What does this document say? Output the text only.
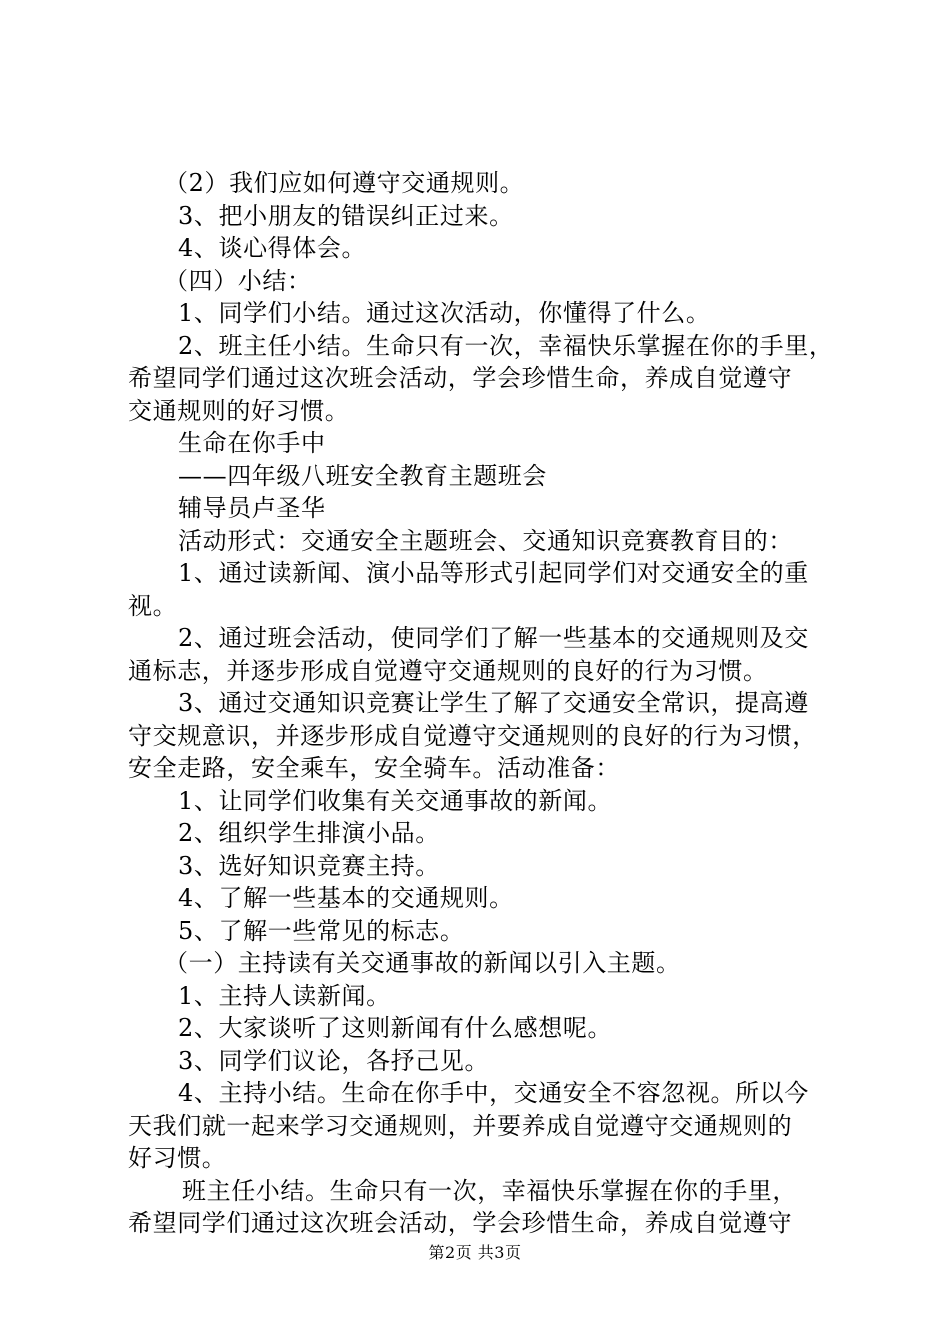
（2）我们应如何遵守交通规则。
3、把小朋友的错误纠正过来。
4、谈心得体会。
（四）小结：
1、同学们小结。通过这次活动，你懂得了什么。
2、班主任小结。生命只有一次，幸福快乐掌握在你的手里，
希望同学们通过这次班会活动，学会珍惜生命，养成自觉遵守
交通规则的好习惯。
生命在你手中
——四年级八班安全教育主题班会
辅导员卢圣华
活动形式：交通安全主题班会、交通知识竞赛教育目的：
1、通过读新闻、演小品等形式引起同学们对交通安全的重
视。
2、通过班会活动，使同学们了解一些基本的交通规则及交
通标志，并逐步形成自觉遵守交通规则的良好的行为习惯。
3、通过交通知识竞赛让学生了解了交通安全常识，提高遵
守交规意识，并逐步形成自觉遵守交通规则的良好的行为习惯，
安全走路，安全乘车，安全骑车。活动准备：
1、让同学们收集有关交通事故的新闻。
2、组织学生排演小品。
3、选好知识竞赛主持。
4、了解一些基本的交通规则。
5、了解一些常见的标志。
（一）主持读有关交通事故的新闻以引入主题。
1、主持人读新闻。
2、大家谈听了这则新闻有什么感想呢。
3、同学们议论，各抒己见。
4、主持小结。生命在你手中，交通安全不容忽视。所以今
天我们就一起来学习交通规则，并要养成自觉遵守交通规则的
好习惯。
班主任小结。生命只有一次，幸福快乐掌握在你的手里，
希望同学们通过这次班会活动，学会珍惜生命，养成自觉遵守
第2页 共3页
